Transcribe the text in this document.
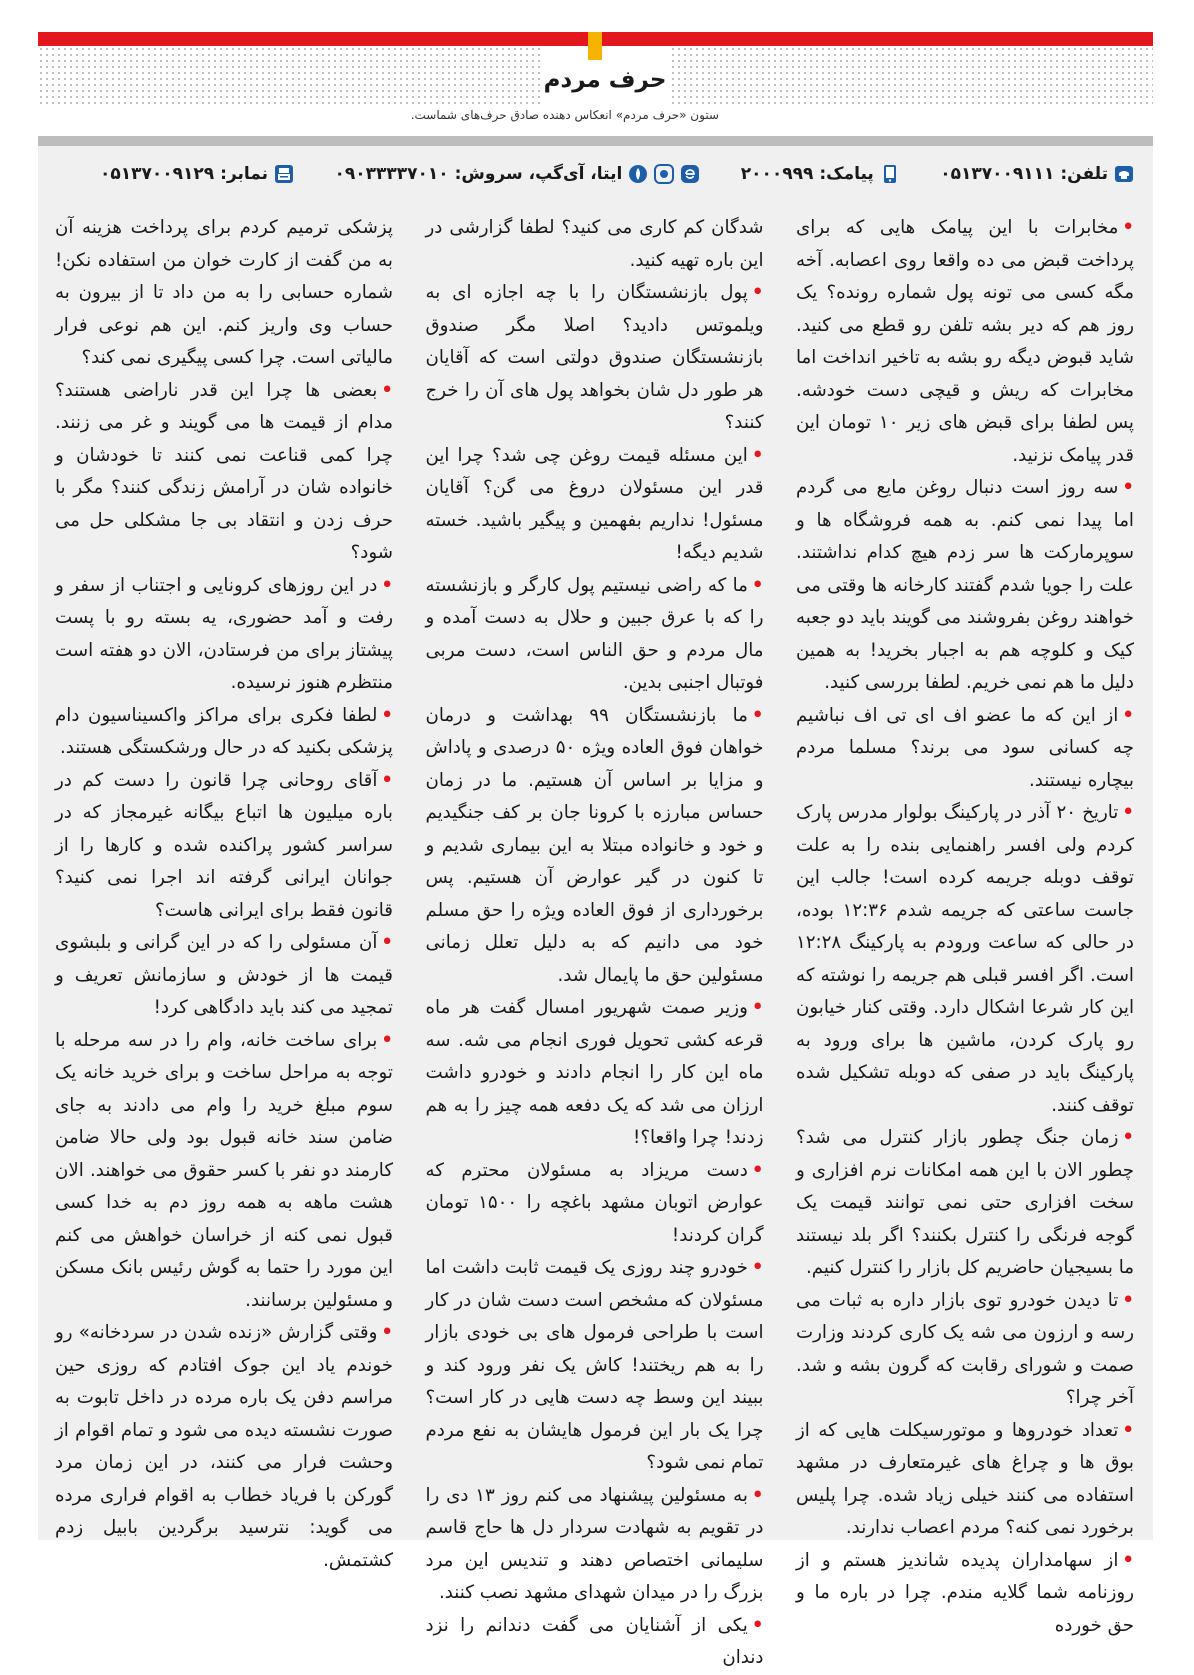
حرف مردم
ستون «حرف مردم» انعکاس دهنده صادق حرف‌های شماست.
تلفن:
۰۵۱۳۷۰۰۹۱۱۱
پیامک:
۲۰۰۰۹۹۹
ایتا، آی‌گپ، سروش:
۰۹۰۳۳۳۳۷۰۱۰
نمابر:
۰۵۱۳۷۰۰۹۱۲۹

•مخابرات با این پیامک هایی که برای پرداخت قبض می ده واقعا روی اعصابه. آخه مگه کسی می تونه پول شماره رونده؟ یک روز هم که دیر بشه تلفن رو قطع می کنید. شاید قبوض دیگه رو بشه به تاخیر انداخت اما مخابرات که ریش و قیچی دست خودشه. پس لطفا برای قبض های زیر ۱۰ تومان این قدر پیامک نزنید.

•سه روز است دنبال روغن مایع می گردم اما پیدا نمی کنم. به همه فروشگاه ها و سوپرمارکت ها سر زدم هیچ کدام نداشتند. علت را جویا شدم گفتند کارخانه ها وقتی می خواهند روغن بفروشند می گویند باید دو جعبه کیک و کلوچه هم به اجبار بخرید! به همین دلیل ما هم نمی خریم. لطفا بررسی کنید.

•از این که ما عضو اف ای تی اف نباشیم چه کسانی سود می برند؟ مسلما مردم بیچاره نیستند.

•تاریخ ۲۰ آذر در پارکینگ بولوار مدرس پارک کردم ولی افسر راهنمایی بنده را به علت توقف دوبله جریمه کرده است! جالب این جاست ساعتی که جریمه شدم ۱۲:۳۶ بوده، در حالی که ساعت ورودم به پارکینگ ۱۲:۲۸ است. اگر افسر قبلی هم جریمه را نوشته که این کار شرعا اشکال دارد. وقتی کنار خیابون رو پارک کردن، ماشین ها برای ورود به پارکینگ باید در صفی که دوبله تشکیل شده توقف کنند.

•زمان جنگ چطور بازار کنترل می شد؟ چطور الان با این همه امکانات نرم افزاری و سخت افزاری حتی نمی توانند قیمت یک گوجه فرنگی را کنترل بکنند؟ اگر بلد نیستند ما بسیجیان حاضریم کل بازار را کنترل کنیم.

•تا دیدن خودرو توی بازار داره به ثبات می رسه و ارزون می شه یک کاری کردند وزارت صمت و شورای رقابت که گرون بشه و شد. آخر چرا؟

•تعداد خودروها و موتورسیکلت هایی که از بوق ها و چراغ های غیرمتعارف در مشهد استفاده می کنند خیلی زیاد شده. چرا پلیس برخورد نمی کنه؟ مردم اعصاب ندارند.

•از سهامداران پدیده شاندیز هستم و از روزنامه شما گلایه مندم. چرا در باره ما و حق خورده

شدگان کم کاری می کنید؟ لطفا گزارشی در این باره تهیه کنید.

•پول بازنشستگان را با چه اجازه ای به ویلموتس دادید؟ اصلا مگر صندوق بازنشستگان صندوق دولتی است که آقایان هر طور دل شان بخواهد پول های آن را خرج کنند؟

•این مسئله قیمت روغن چی شد؟ چرا این قدر این مسئولان دروغ می گن؟ آقایان مسئول! نداریم بفهمین و پیگیر باشید. خسته شدیم دیگه!

•ما که راضی نیستیم پول کارگر و بازنشسته را که با عرق جبین و حلال به دست آمده و مال مردم و حق الناس است، دست مربی فوتبال اجنبی بدین.

•ما بازنشستگان ۹۹ بهداشت و درمان خواهان فوق العاده ویژه ۵۰ درصدی و پاداش و مزایا بر اساس آن هستیم. ما در زمان حساس مبارزه با کرونا جان بر کف جنگیدیم و خود و خانواده مبتلا به این بیماری شدیم و تا کنون در گیر عوارض آن هستیم. پس برخورداری از فوق العاده ویژه را حق مسلم خود می دانیم که به دلیل تعلل زمانی مسئولین حق ما پایمال شد.

•وزیر صمت شهریور امسال گفت هر ماه قرعه کشی تحویل فوری انجام می شه. سه ماه این کار را انجام دادند و خودرو داشت ارزان می شد که یک دفعه همه چیز را به هم زدند! چرا واقعا؟!

•دست مریزاد به مسئولان محترم که عوارض اتوبان مشهد باغچه را ۱۵۰۰ تومان گران کردند!

•خودرو چند روزی یک قیمت ثابت داشت اما مسئولان که مشخص است دست شان در کار است با طراحی فرمول های بی خودی بازار را به هم ریختند! کاش یک نفر ورود کند و ببیند این وسط چه دست هایی در کار است؟ چرا یک بار این فرمول هایشان به نفع مردم تمام نمی شود؟

•به مسئولین پیشنهاد می کنم روز ۱۳ دی را در تقویم به شهادت سردار دل ها حاج قاسم سلیمانی اختصاص دهند و تندیس این مرد بزرگ را در میدان شهدای مشهد نصب کنند.

•یکی از آشنایان می گفت دندانم را نزد دندان

پزشکی ترمیم کردم برای پرداخت هزینه آن به من گفت از کارت خوان من استفاده نکن! شماره حسابی را به من داد تا از بیرون به حساب وی واریز کنم. این هم نوعی فرار مالیاتی است. چرا کسی پیگیری نمی کند؟

•بعضی ها چرا این قدر ناراضی هستند؟ مدام از قیمت ها می گویند و غر می زنند. چرا کمی قناعت نمی کنند تا خودشان و خانواده شان در آرامش زندگی کنند؟ مگر با حرف زدن و انتقاد بی جا مشکلی حل می شود؟

•در این روزهای کرونایی و اجتناب از سفر و رفت و آمد حضوری، یه بسته رو با پست پیشتاز برای من فرستادن، الان دو هفته است منتظرم هنوز نرسیده.

•لطفا فکری برای مراکز واکسیناسیون دام پزشکی بکنید که در حال ورشکستگی هستند.

•آقای روحانی چرا قانون را دست کم در باره میلیون ها اتباع بیگانه غیرمجاز که در سراسر کشور پراکنده شده و کارها را از جوانان ایرانی گرفته اند اجرا نمی کنید؟ قانون فقط برای ایرانی هاست؟

•آن مسئولی را که در این گرانی و بلبشوی قیمت ها از خودش و سازمانش تعریف و تمجید می کند باید دادگاهی کرد!

•برای ساخت خانه، وام را در سه مرحله با توجه به مراحل ساخت و برای خرید خانه یک سوم مبلغ خرید را وام می دادند به جای ضامن سند خانه قبول بود ولی حالا ضامن کارمند دو نفر با کسر حقوق می خواهند. الان هشت ماهه به همه روز دم به خدا کسی قبول نمی کنه از خراسان خواهش می کنم این مورد را حتما به گوش رئیس بانک مسکن و مسئولین برسانند.

•وقتی گزارش «زنده شدن در سردخانه» رو خوندم یاد این جوک افتادم که روزی حین مراسم دفن یک باره مرده در داخل تابوت به صورت نشسته دیده می شود و تمام اقوام از وحشت فرار می کنند، در این زمان مرد گورکن با فریاد خطاب به اقوام فراری مرده می گوید: نترسید برگردین بابیل زدم کشتمش.
